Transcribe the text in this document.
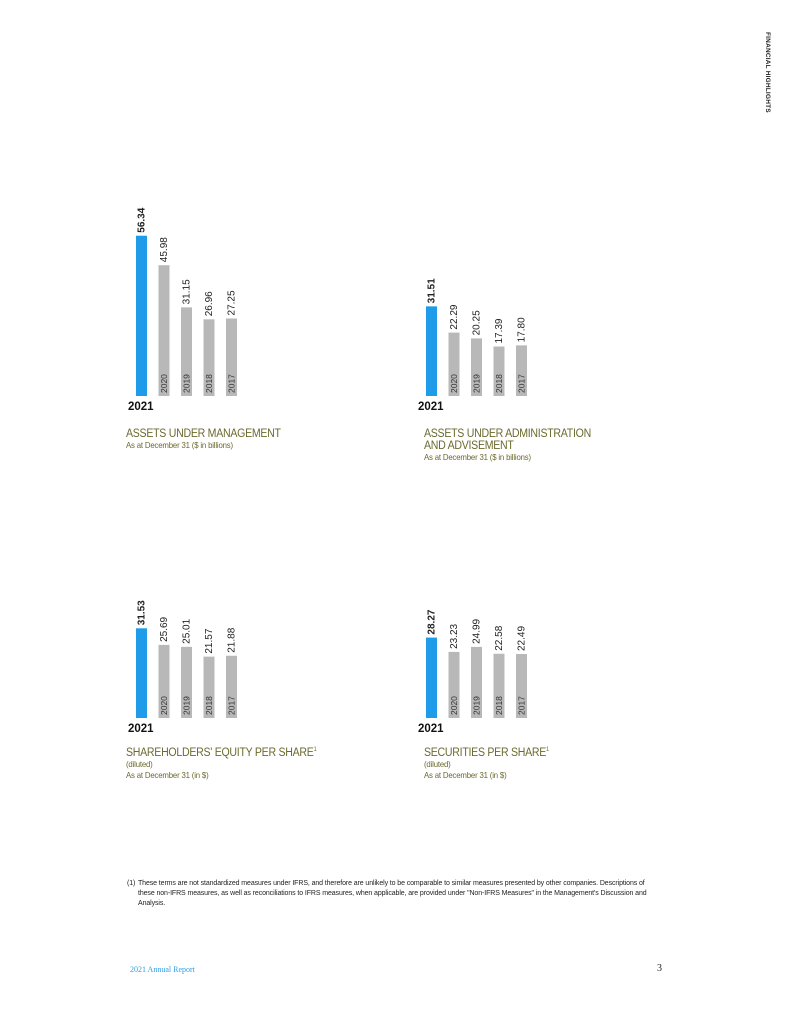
FINANCIAL HIGHLIGHTS
56.34
2021
45.98
2020
31.15
2019
26.96
2018
27.25
2017
ASSETS UNDER MANAGEMENT
As at December 31 ($ in billions)
31.51
2021
22.29
2020
20.25
2019
17.39
2018
17.80
2017
ASSETS UNDER ADMINISTRATION
AND ADVISEMENT
As at December 31 ($ in billions)
31.53
2021
25.69
2020
25.01
2019
21.57
2018
21.88
2017
SHAREHOLDERS' EQUITY PER SHARE$^1$
(diluted)
As at December 31 (in $)
28.27
2021
23.23
2020
24.99
2019
22.58
2018
22.49
2017
SECURITIES PER SHARE$^1$
(diluted)
As at December 31 (in $)
(1) These terms are not standardized measures under IFRS, and therefore are unlikely to be comparable to similar measures presented by other companies. Descriptions of these non-IFRS measures, as well as reconciliations to IFRS measures, when applicable, are provided under "Non-IFRS Measures" in the Management's Discussion and Analysis.
2021 Annual Report	3
